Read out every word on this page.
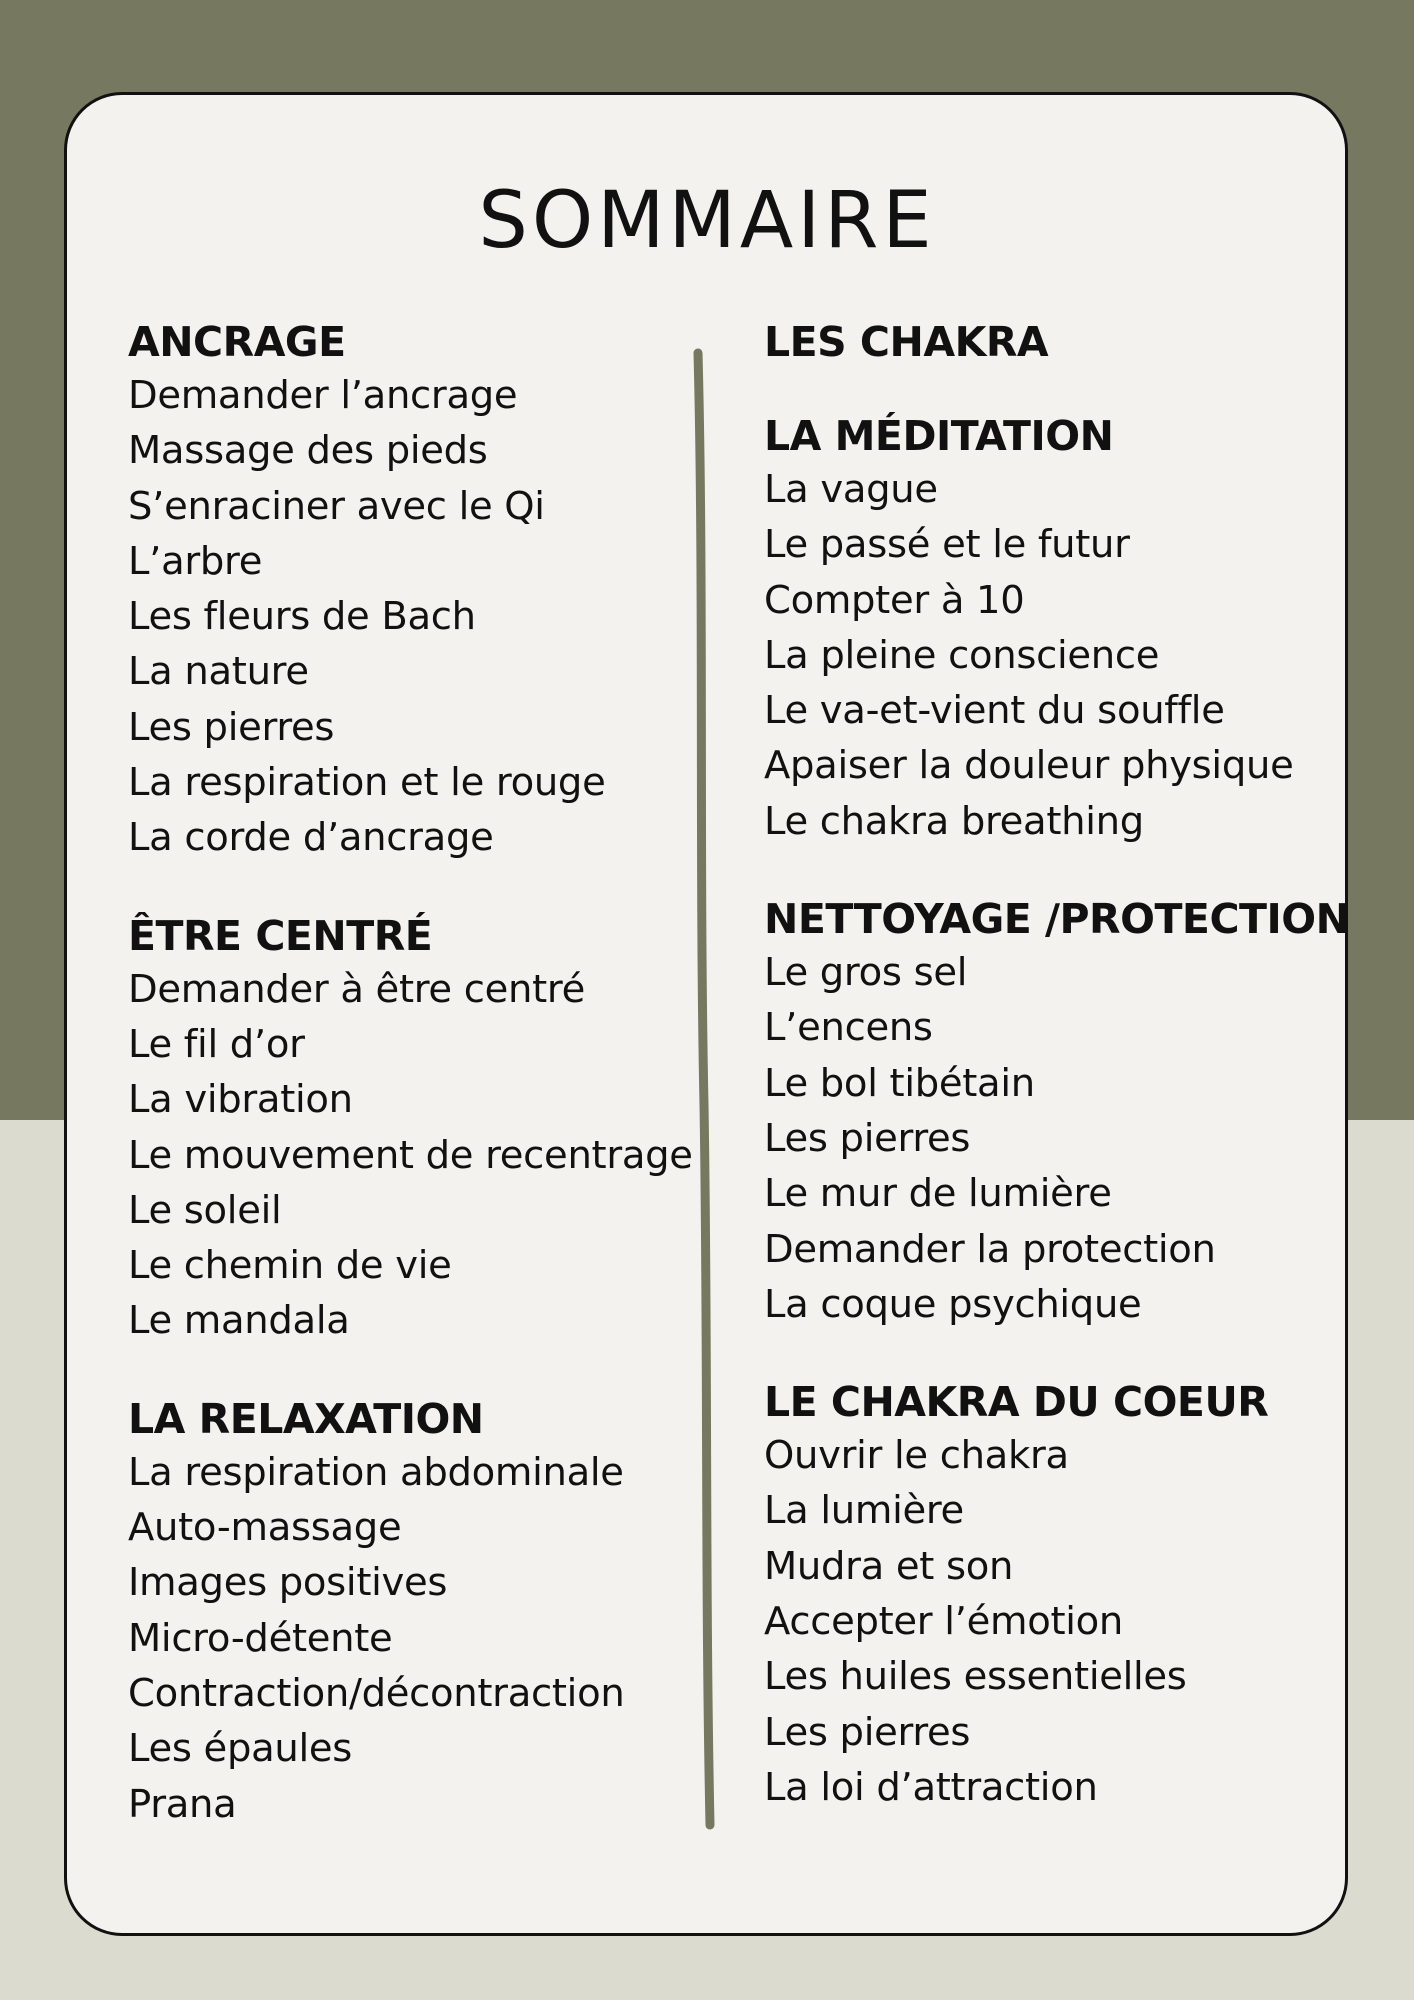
SOMMAIRE
ANCRAGE
Demander l’ancrage
Massage des pieds
S’enraciner avec le Qi
L’arbre
Les fleurs de Bach
La nature
Les pierres
La respiration et le rouge
La corde d’ancrage
ÊTRE CENTRÉ
Demander à être centré
Le fil d’or
La vibration
Le mouvement de recentrage
Le soleil
Le chemin de vie
Le mandala
LA RELAXATION
La respiration abdominale
Auto-massage
Images positives
Micro-détente
Contraction/décontraction
Les épaules
Prana
LES CHAKRA
LA MÉDITATION
La vague
Le passé et le futur
Compter à 10
La pleine conscience
Le va-et-vient du souffle
Apaiser la douleur physique
Le chakra breathing
NETTOYAGE /PROTECTION
Le gros sel
L’encens
Le bol tibétain
Les pierres
Le mur de lumière
Demander la protection
La coque psychique
LE CHAKRA DU COEUR
Ouvrir le chakra
La lumière
Mudra et son
Accepter l’émotion
Les huiles essentielles
Les pierres
La loi d’attraction
